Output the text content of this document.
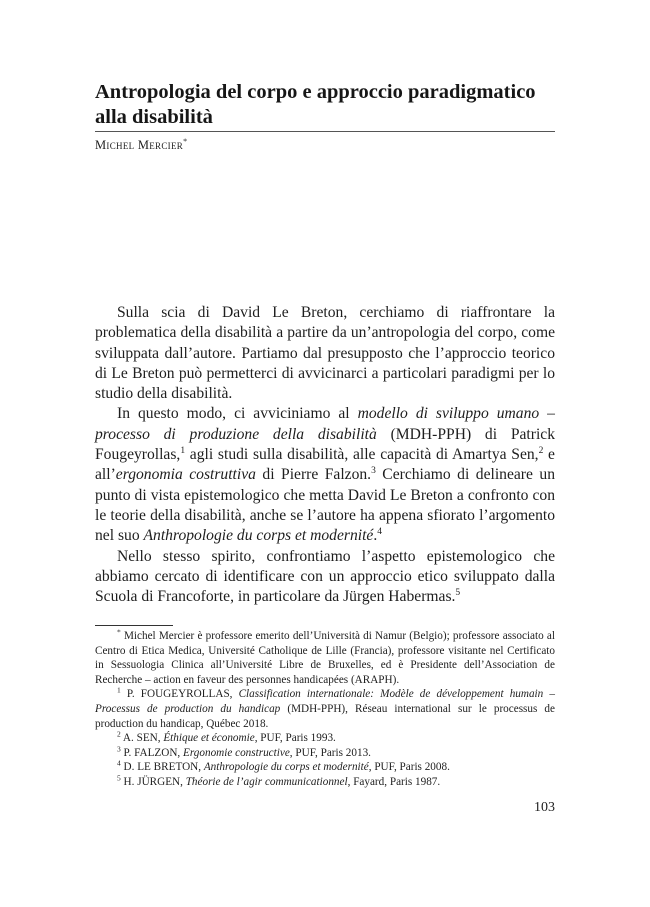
Antropologia del corpo e approccio paradigmatico alla disabilità
Michel Mercier*

Sulla scia di David Le Breton, cerchiamo di riaffrontare la problematica della disabilità a partire da un’antropologia del corpo, come sviluppata dall’autore. Partiamo dal presupposto che l’approccio teorico di Le Breton può permetterci di avvicinarci a particolari paradigmi per lo studio della disabilità.

In questo modo, ci avviciniamo al modello di sviluppo umano – processo di produzione della disabilità (MDH-PPH) di Patrick Fougeyrollas,$^1$ agli studi sulla disabilità, alle capacità di Amartya Sen,$^2$ e all’ergonomia costruttiva di Pierre Falzon.$^3$ Cerchiamo di delineare un punto di vista epistemologico che metta David Le Breton a confronto con le teorie della disabilità, anche se l’autore ha appena sfiorato l’argomento nel suo Anthropologie du corps et modernité.$^4$

Nello stesso spirito, confrontiamo l’aspetto epistemologico che abbiamo cercato di identificare con un approccio etico sviluppato dalla Scuola di Francoforte, in particolare da Jürgen Habermas.$^5$

* Michel Mercier è professore emerito dell’Università di Namur (Belgio); professore associato al Centro di Etica Medica, Université Catholique de Lille (Francia), professore visitante nel Certificato in Sessuologia Clinica all’Université Libre de Bruxelles, ed è Presidente dell’Association de Recherche – action en faveur des personnes handicapées (ARAPH).

$^1$ P. FOUGEYROLLAS, Classification internationale: Modèle de développement humain – Processus de production du handicap (MDH-PPH), Réseau international sur le processus de production du handicap, Québec 2018.

$^2$ A. SEN, Éthique et économie, PUF, Paris 1993.

$^3$ P. FALZON, Ergonomie constructive, PUF, Paris 2013.

$^4$ D. LE BRETON, Anthropologie du corps et modernité, PUF, Paris 2008.

$^5$ H. JÜRGEN, Théorie de l’agir communicationnel, Fayard, Paris 1987.

103
